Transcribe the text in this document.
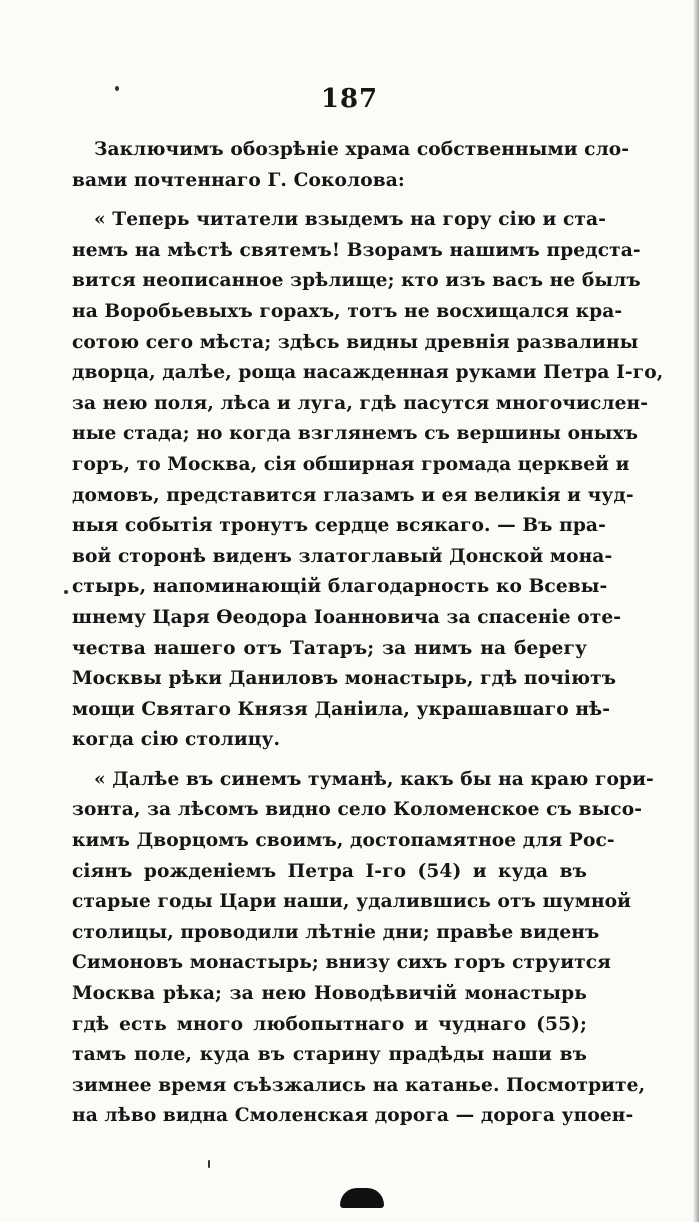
187
Заключимъ обозрѣніе храма собственными сло-
вами почтеннаго Г. Соколова:
« Теперь читатели взыдемъ на гору сію и ста-
немъ на мѣстѣ святемъ! Взорамъ нашимъ предста-
вится неописанное зрѣлище; кто изъ васъ не былъ
на Воробьевыхъ горахъ, тотъ не восхищался кра-
сотою сего мѣста; здѣсь видны древнія развалины
дворца, далѣе, роща насажденная руками Петра I-го,
за нею поля, лѣса и луга, гдѣ пасутся многочислен-
ные стада; но когда взглянемъ съ вершины оныхъ
горъ, то Москва, сія обширная громада церквей и
домовъ, представится глазамъ и ея великія и чуд-
ныя событія тронутъ сердце всякаго. — Въ пра-
вой сторонѣ виденъ златоглавый Донской мона-
стырь, напоминающій благодарность ко Всевы-
шнему Царя Ѳеодора Іоанновича за спасеніе оте-
чества нашего отъ Татаръ; за нимъ на берегу
Москвы рѣки Даниловъ монастырь, гдѣ почіютъ
мощи Святаго Князя Даніила, украшавшаго нѣ-
когда сію столицу.
« Далѣе въ синемъ туманѣ, какъ бы на краю гори-
зонта, за лѣсомъ видно село Коломенское съ высо-
кимъ Дворцомъ своимъ, достопамятное для Рос-
сіянъ рожденіемъ Петра I-го (54) и куда въ
старые годы Цари наши, удалившись отъ шумной
столицы, проводили лѣтніе дни; правѣе виденъ
Симоновъ монастырь; внизу сихъ горъ струится
Москва рѣка; за нею Новодѣвичій монастырь
гдѣ есть много любопытнаго и чуднаго (55);
тамъ поле, куда въ старину прадѣды наши въ
зимнее время съѣзжались на катанье. Посмотрите,
на лѣво видна Смоленская дорога — дорога упоен-
